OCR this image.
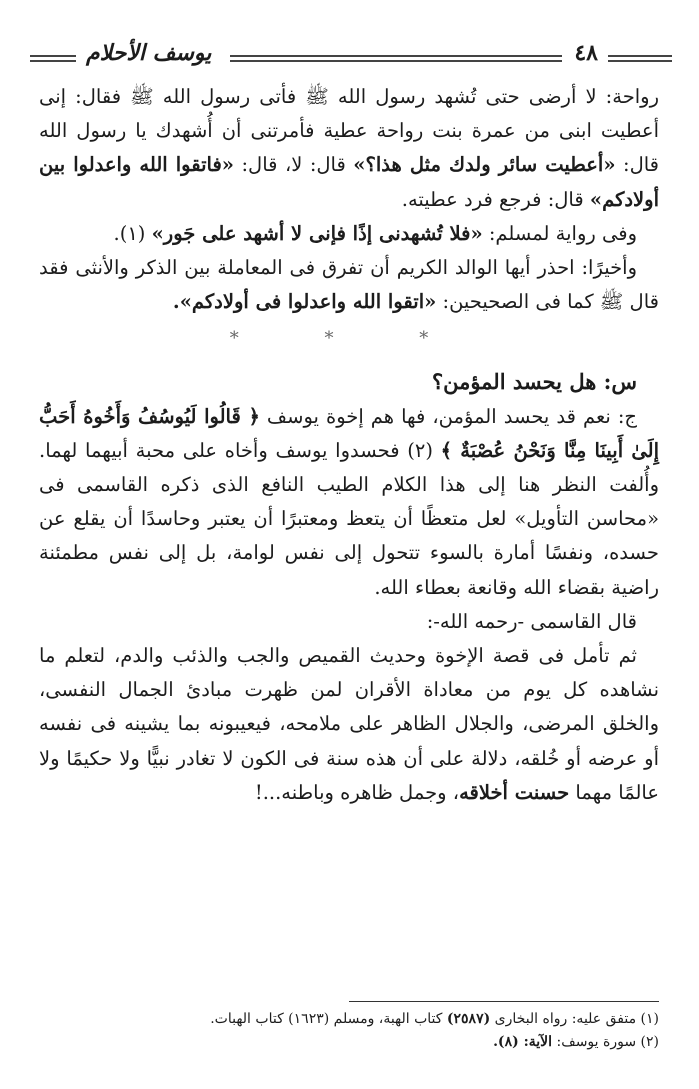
٤٨
يوسف الأحلام

رواحة: لا أرضى حتى تُشهد رسول الله ﷺ فأتى رسول الله ﷺ فقال: إنى أعطيت ابنى من عمرة بنت رواحة عطية فأمرتنى أن أُشهدك يا رسول الله قال: «أعطيت سائر ولدك مثل هذا؟» قال: لا، قال: «فاتقوا الله واعدلوا بين أولادكم» قال: فرجع فرد عطيته.

وفى رواية لمسلم: «فلا تُشهدنى إذًا فإنى لا أشهد على جَور» (١).

وأخيرًا: احذر أيها الوالد الكريم أن تفرق فى المعاملة بين الذكر والأنثى فقد قال ﷺ كما فى الصحيحين: «اتقوا الله واعدلوا فى أولادكم».

* * *

س: هل يحسد المؤمن؟

ج: نعم قد يحسد المؤمن، فها هم إخوة يوسف ﴿ قَالُوا لَيُوسُفُ وَأَخُوهُ أَحَبُّ إِلَىٰ أَبِينَا مِنَّا وَنَحْنُ عُصْبَةٌ ﴾ (٢) فحسدوا يوسف وأخاه على محبة أبيهما لهما. وأُلفت النظر هنا إلى هذا الكلام الطيب النافع الذى ذكره القاسمى فى «محاسن التأويل» لعل متعظًا أن يتعظ ومعتبرًا أن يعتبر وحاسدًا أن يقلع عن حسده، ونفسًا أمارة بالسوء تتحول إلى نفس لوامة، بل إلى نفس مطمئنة راضية بقضاء الله وقانعة بعطاء الله.

قال القاسمى -رحمه الله-:

ثم تأمل فى قصة الإخوة وحديث القميص والجب والذئب والدم، لتعلم ما نشاهده كل يوم من معاداة الأقران لمن ظهرت مبادئ الجمال النفسى، والخلق المرضى، والجلال الظاهر على ملامحه، فيعيبونه بما يشينه فى نفسه أو عرضه أو خُلقه، دلالة على أن هذه سنة فى الكون لا تغادر نبيًّا ولا حكيمًا ولا عالمًا مهما حسنت أخلاقه، وجمل ظاهره وباطنه...!

(١) متفق عليه: رواه البخارى (٢٥٨٧) كتاب الهبة، ومسلم (١٦٢٣) كتاب الهبات.

(٢) سورة يوسف: الآية: (٨).
